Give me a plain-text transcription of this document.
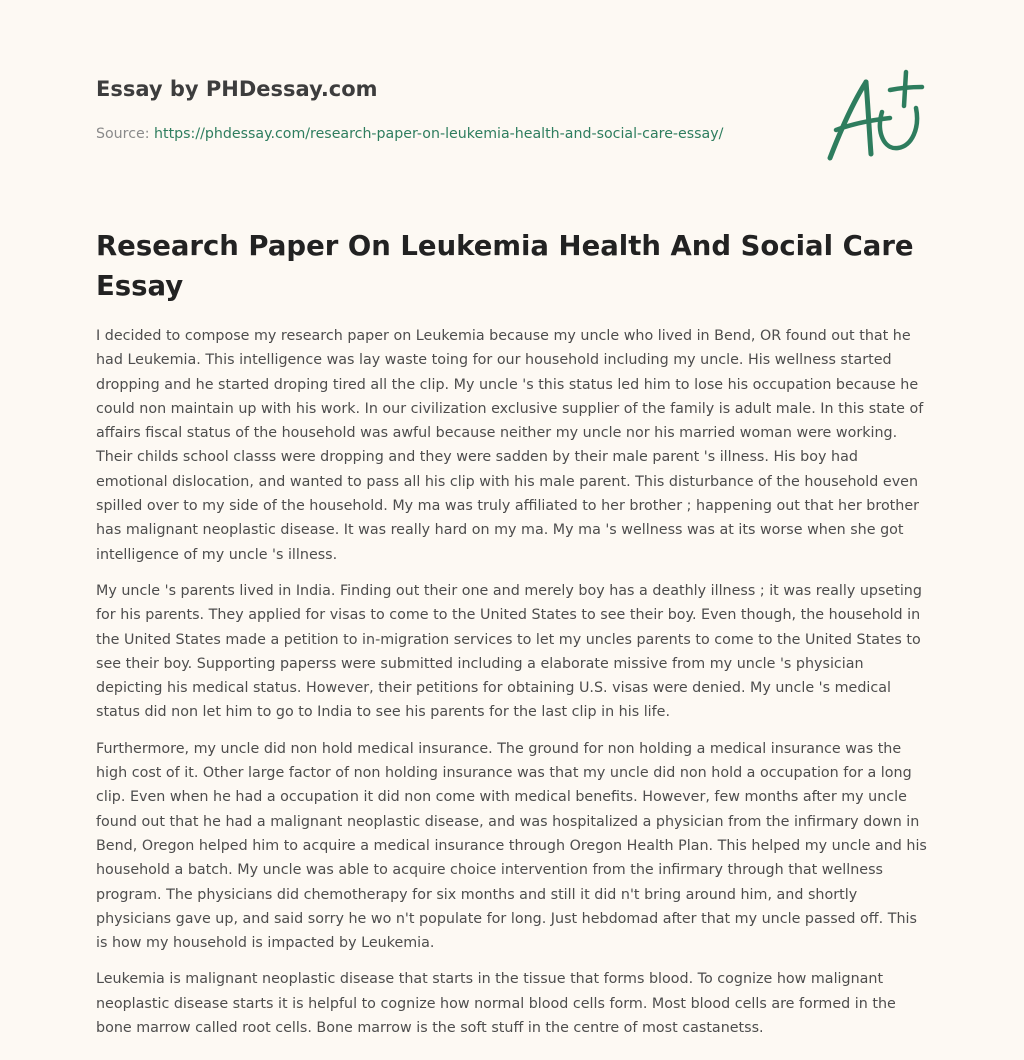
Essay by PHDessay.com
Source: https://phdessay.com/research-paper-on-leukemia-health-and-social-care-essay/
Research Paper On Leukemia Health And Social Care Essay

I decided to compose my research paper on Leukemia because my uncle who lived in Bend, OR found out that he had Leukemia. This intelligence was lay waste toing for our household including my uncle. His wellness started dropping and he started droping tired all the clip. My uncle 's this status led him to lose his occupation because he could non maintain up with his work. In our civilization exclusive supplier of the family is adult male. In this state of affairs fiscal status of the household was awful because neither my uncle nor his married woman were working. Their childs school classs were dropping and they were sadden by their male parent 's illness. His boy had emotional dislocation, and wanted to pass all his clip with his male parent. This disturbance of the household even spilled over to my side of the household. My ma was truly affiliated to her brother ; happening out that her brother has malignant neoplastic disease. It was really hard on my ma. My ma 's wellness was at its worse when she got intelligence of my uncle 's illness.

My uncle 's parents lived in India. Finding out their one and merely boy has a deathly illness ; it was really upseting for his parents. They applied for visas to come to the United States to see their boy. Even though, the household in the United States made a petition to in-migration services to let my uncles parents to come to the United States to see their boy. Supporting paperss were submitted including a elaborate missive from my uncle 's physician depicting his medical status. However, their petitions for obtaining U.S. visas were denied. My uncle 's medical status did non let him to go to India to see his parents for the last clip in his life.

Furthermore, my uncle did non hold medical insurance. The ground for non holding a medical insurance was the high cost of it. Other large factor of non holding insurance was that my uncle did non hold a occupation for a long clip. Even when he had a occupation it did non come with medical benefits. However, few months after my uncle found out that he had a malignant neoplastic disease, and was hospitalized a physician from the infirmary down in Bend, Oregon helped him to acquire a medical insurance through Oregon Health Plan. This helped my uncle and his household a batch. My uncle was able to acquire choice intervention from the infirmary through that wellness program. The physicians did chemotherapy for six months and still it did n't bring around him, and shortly physicians gave up, and said sorry he wo n't populate for long. Just hebdomad after that my uncle passed off. This is how my household is impacted by Leukemia.

Leukemia is malignant neoplastic disease that starts in the tissue that forms blood. To cognize how malignant neoplastic disease starts it is helpful to cognize how normal blood cells form. Most blood cells are formed in the bone marrow called root cells. Bone marrow is the soft stuff in the centre of most castanetss.
